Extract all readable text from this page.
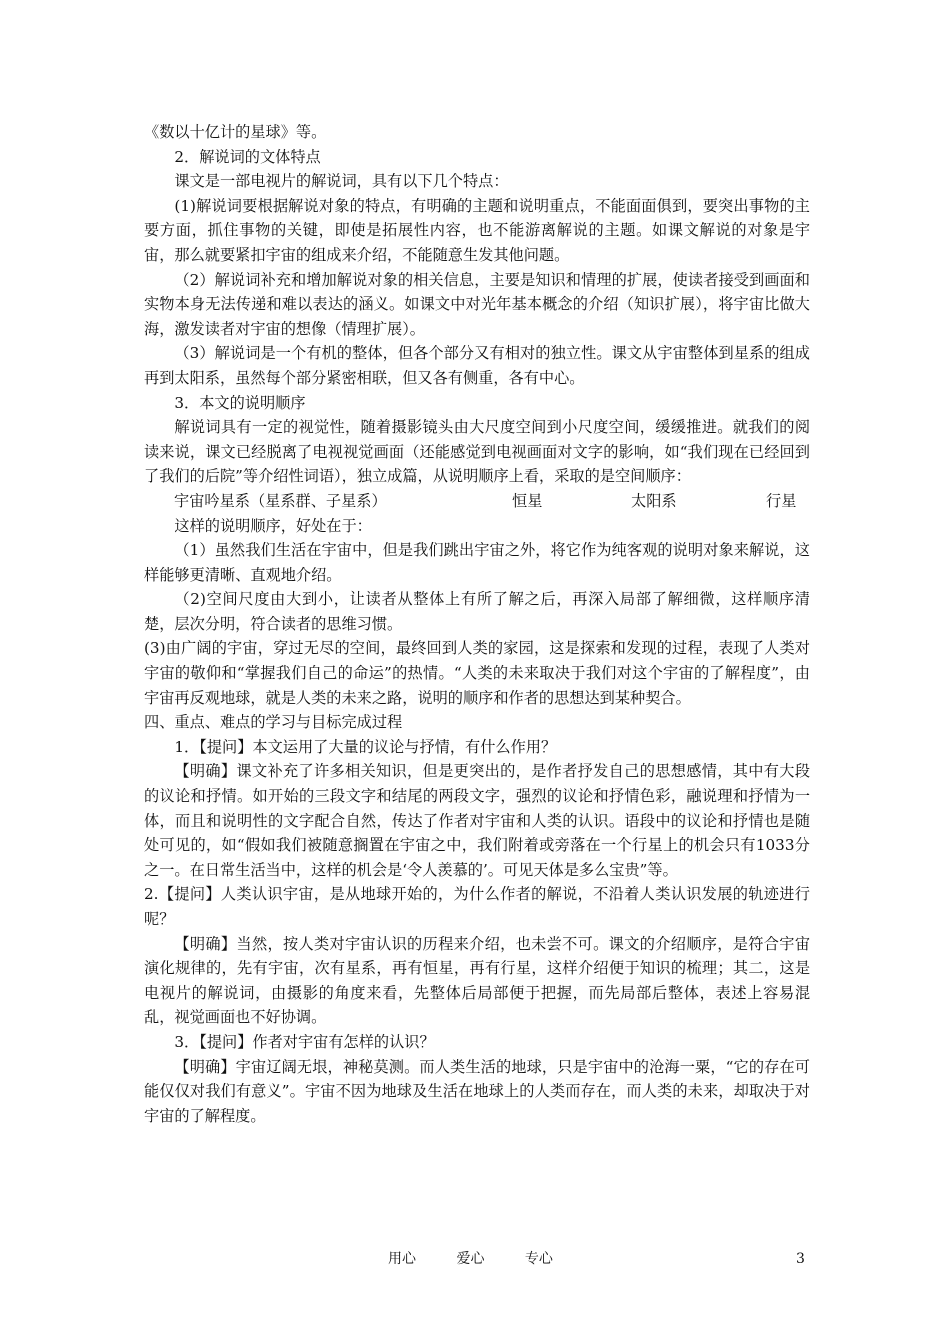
《数以十亿计的星球》等。

2．解说词的文体特点

课文是一部电视片的解说词，具有以下几个特点：

(1)解说词要根据解说对象的特点，有明确的主题和说明重点，不能面面俱到，要突出事物的主要方面，抓住事物的关键，即使是拓展性内容，也不能游离解说的主题。如课文解说的对象是宇宙，那么就要紧扣宇宙的组成来介绍，不能随意生发其他问题。

（2）解说词补充和增加解说对象的相关信息，主要是知识和情理的扩展，使读者接受到画面和实物本身无法传递和难以表达的涵义。如课文中对光年基本概念的介绍（知识扩展），将宇宙比做大海，激发读者对宇宙的想像（情理扩展）。

（3）解说词是一个有机的整体，但各个部分又有相对的独立性。课文从宇宙整体到星系的组成再到太阳系，虽然每个部分紧密相联，但又各有侧重，各有中心。

3．本文的说明顺序

解说词具有一定的视觉性，随着摄影镜头由大尺度空间到小尺度空间，缓缓推进。就我们的阅读来说，课文已经脱离了电视视觉画面（还能感觉到电视画面对文字的影响，如“我们现在已经回到了我们的后院”等介绍性词语），独立成篇，从说明顺序上看，采取的是空间顺序：

宇宙吟星系（星系群、子星系）	恒星	太阳系	行星

这样的说明顺序，好处在于：

（1）虽然我们生活在宇宙中，但是我们跳出宇宙之外，将它作为纯客观的说明对象来解说，这样能够更清晰、直观地介绍。

（2)空间尺度由大到小，让读者从整体上有所了解之后，再深入局部了解细微，这样顺序清楚，层次分明，符合读者的思维习惯。

(3)由广阔的宇宙，穿过无尽的空间，最终回到人类的家园，这是探索和发现的过程，表现了人类对宇宙的敬仰和“掌握我们自己的命运”的热情。“人类的未来取决于我们对这个宇宙的了解程度”，由宇宙再反观地球，就是人类的未来之路，说明的顺序和作者的思想达到某种契合。

四、重点、难点的学习与目标完成过程

1．【提问】本文运用了大量的议论与抒情，有什么作用？

【明确】课文补充了许多相关知识，但是更突出的，是作者抒发自己的思想感情，其中有大段的议论和抒情。如开始的三段文字和结尾的两段文字，强烈的议论和抒情色彩，融说理和抒情为一体，而且和说明性的文字配合自然，传达了作者对宇宙和人类的认识。语段中的议论和抒情也是随处可见的，如“假如我们被随意搁置在宇宙之中，我们附着或旁落在一个行星上的机会只有1033分之一。在日常生活当中，这样的机会是‘令人羡慕的’。可见天体是多么宝贵”等。

2.【提问】人类认识宇宙，是从地球开始的，为什么作者的解说，不沿着人类认识发展的轨迹进行呢？

【明确】当然，按人类对宇宙认识的历程来介绍，也未尝不可。课文的介绍顺序，是符合宇宙演化规律的，先有宇宙，次有星系，再有恒星，再有行星，这样介绍便于知识的梳理；其二，这是电视片的解说词，由摄影的角度来看，先整体后局部便于把握，而先局部后整体，表述上容易混乱，视觉画面也不好协调。

3．【提问】作者对宇宙有怎样的认识？

【明确】宇宙辽阔无垠，神秘莫测。而人类生活的地球，只是宇宙中的沧海一粟，“它的存在可能仅仅对我们有意义”。宇宙不因为地球及生活在地球上的人类而存在，而人类的未来，却取决于对宇宙的了解程度。

用心	爱心	专心	3
